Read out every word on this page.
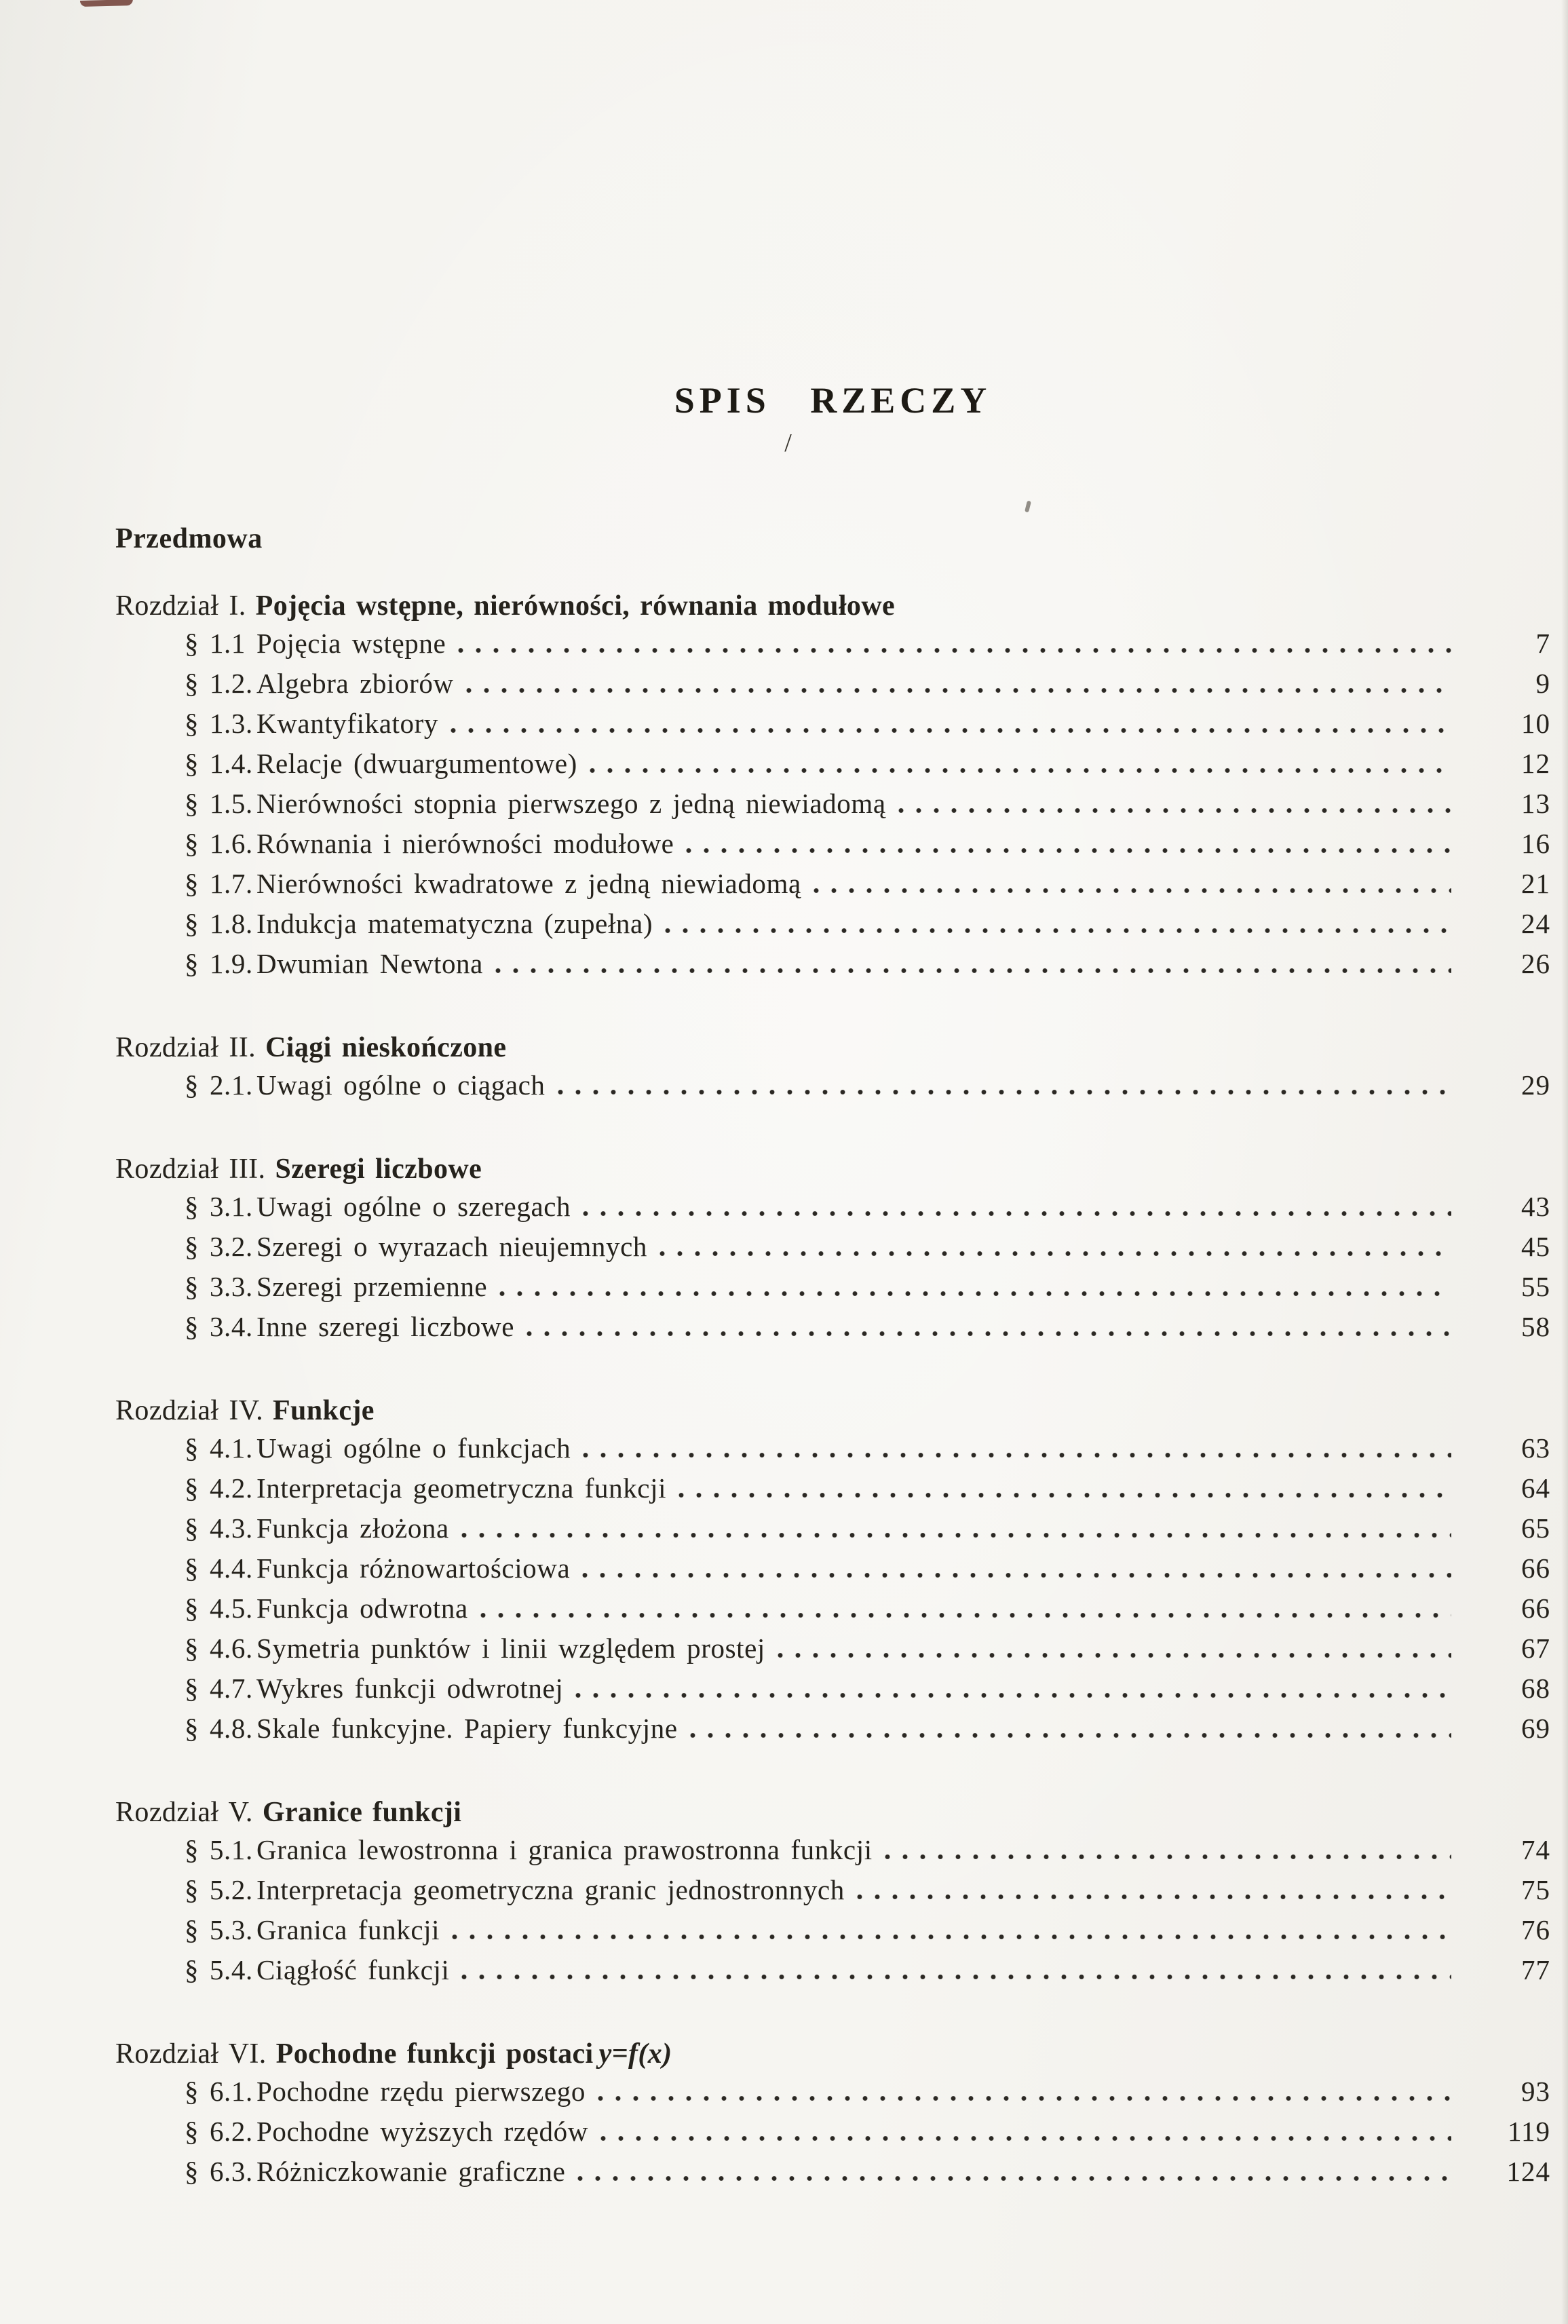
SPIS RZECZY
/
Przedmowa
Rozdział I. Pojęcia wstępne, nierówności, równania modułowe
§ 1.1 Pojęcia wstępne	7
§ 1.2. Algebra zbiorów	9
§ 1.3. Kwantyfikatory	10
§ 1.4. Relacje (dwuargumentowe)	12
§ 1.5. Nierówności stopnia pierwszego z jedną niewiadomą	13
§ 1.6. Równania i nierówności modułowe	16
§ 1.7. Nierówności kwadratowe z jedną niewiadomą	21
§ 1.8. Indukcja matematyczna (zupełna)	24
§ 1.9. Dwumian Newtona	26
Rozdział II. Ciągi nieskończone
§ 2.1. Uwagi ogólne o ciągach	29
Rozdział III. Szeregi liczbowe
§ 3.1. Uwagi ogólne o szeregach	43
§ 3.2. Szeregi o wyrazach nieujemnych	45
§ 3.3. Szeregi przemienne	55
§ 3.4. Inne szeregi liczbowe	58
Rozdział IV. Funkcje
§ 4.1. Uwagi ogólne o funkcjach	63
§ 4.2. Interpretacja geometryczna funkcji	64
§ 4.3. Funkcja złożona	65
§ 4.4. Funkcja różnowartościowa	66
§ 4.5. Funkcja odwrotna	66
§ 4.6. Symetria punktów i linii względem prostej	67
§ 4.7. Wykres funkcji odwrotnej	68
§ 4.8. Skale funkcyjne. Papiery funkcyjne	69
Rozdział V. Granice funkcji
§ 5.1. Granica lewostronna i granica prawostronna funkcji	74
§ 5.2. Interpretacja geometryczna granic jednostronnych	75
§ 5.3. Granica funkcji	76
§ 5.4. Ciągłość funkcji	77
Rozdział VI. Pochodne funkcji postaci y=f(x)
§ 6.1. Pochodne rzędu pierwszego	93
§ 6.2. Pochodne wyższych rzędów	119
§ 6.3. Różniczkowanie graficzne	124
